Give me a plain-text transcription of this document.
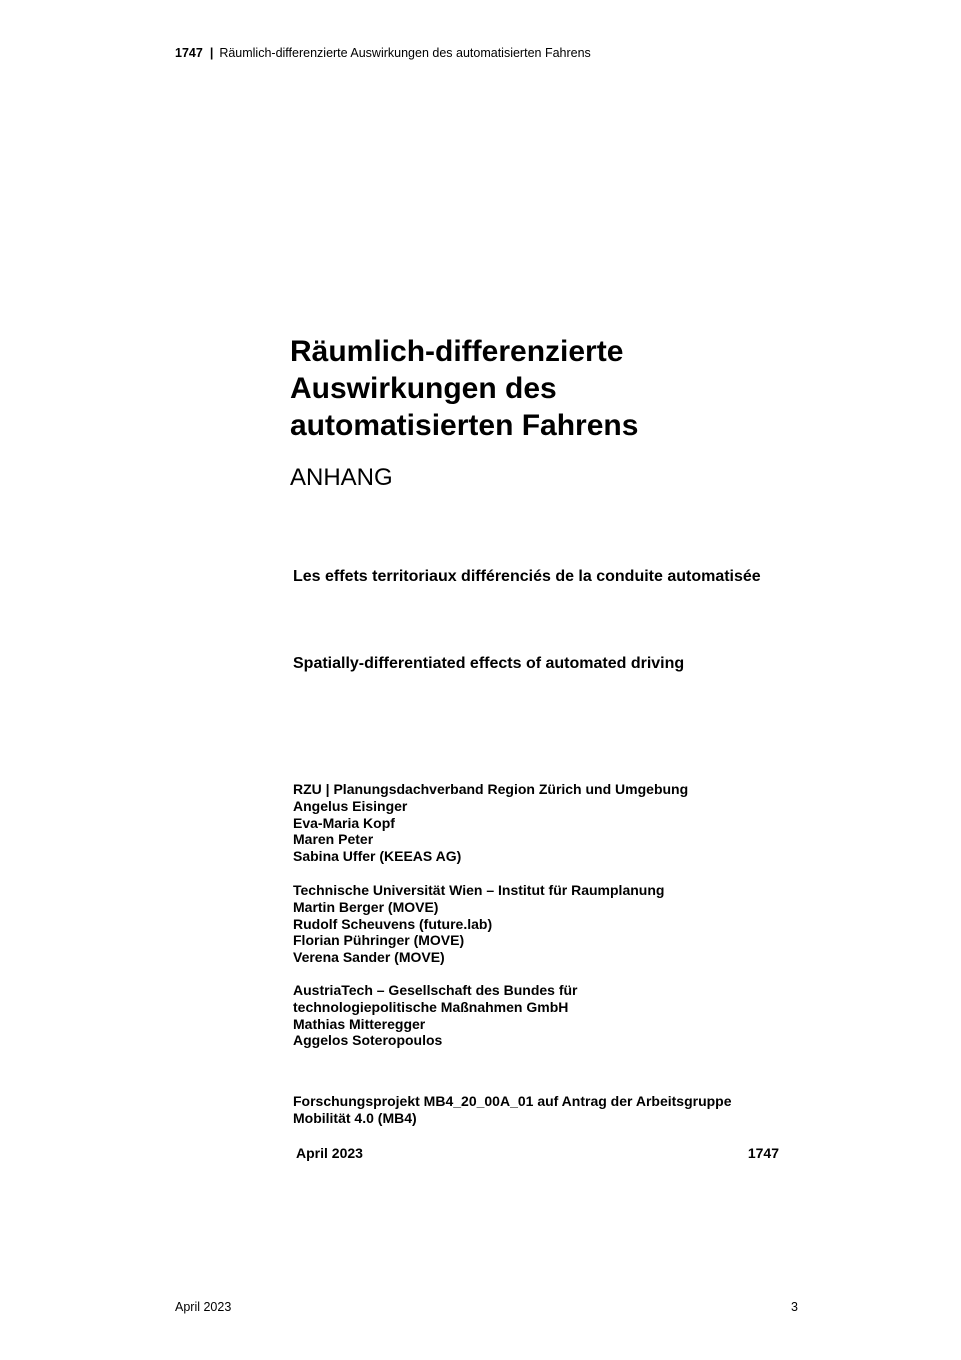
1747 | Räumlich-differenzierte Auswirkungen des automatisierten Fahrens
Räumlich-differenzierte
Auswirkungen des
automatisierten Fahrens
ANHANG
Les effets territoriaux différenciés de la conduite automatisée
Spatially-differentiated effects of automated driving
RZU | Planungsdachverband Region Zürich und Umgebung
Angelus Eisinger
Eva-Maria Kopf
Maren Peter
Sabina Uffer (KEEAS AG)
Technische Universität Wien – Institut für Raumplanung
Martin Berger (MOVE)
Rudolf Scheuvens (future.lab)
Florian Pühringer (MOVE)
Verena Sander (MOVE)
AustriaTech – Gesellschaft des Bundes für
technologiepolitische Maßnahmen GmbH
Mathias Mitteregger
Aggelos Soteropoulos
Forschungsprojekt MB4_20_00A_01 auf Antrag der Arbeitsgruppe
Mobilität 4.0 (MB4)
April 2023	1747
April 2023	3
